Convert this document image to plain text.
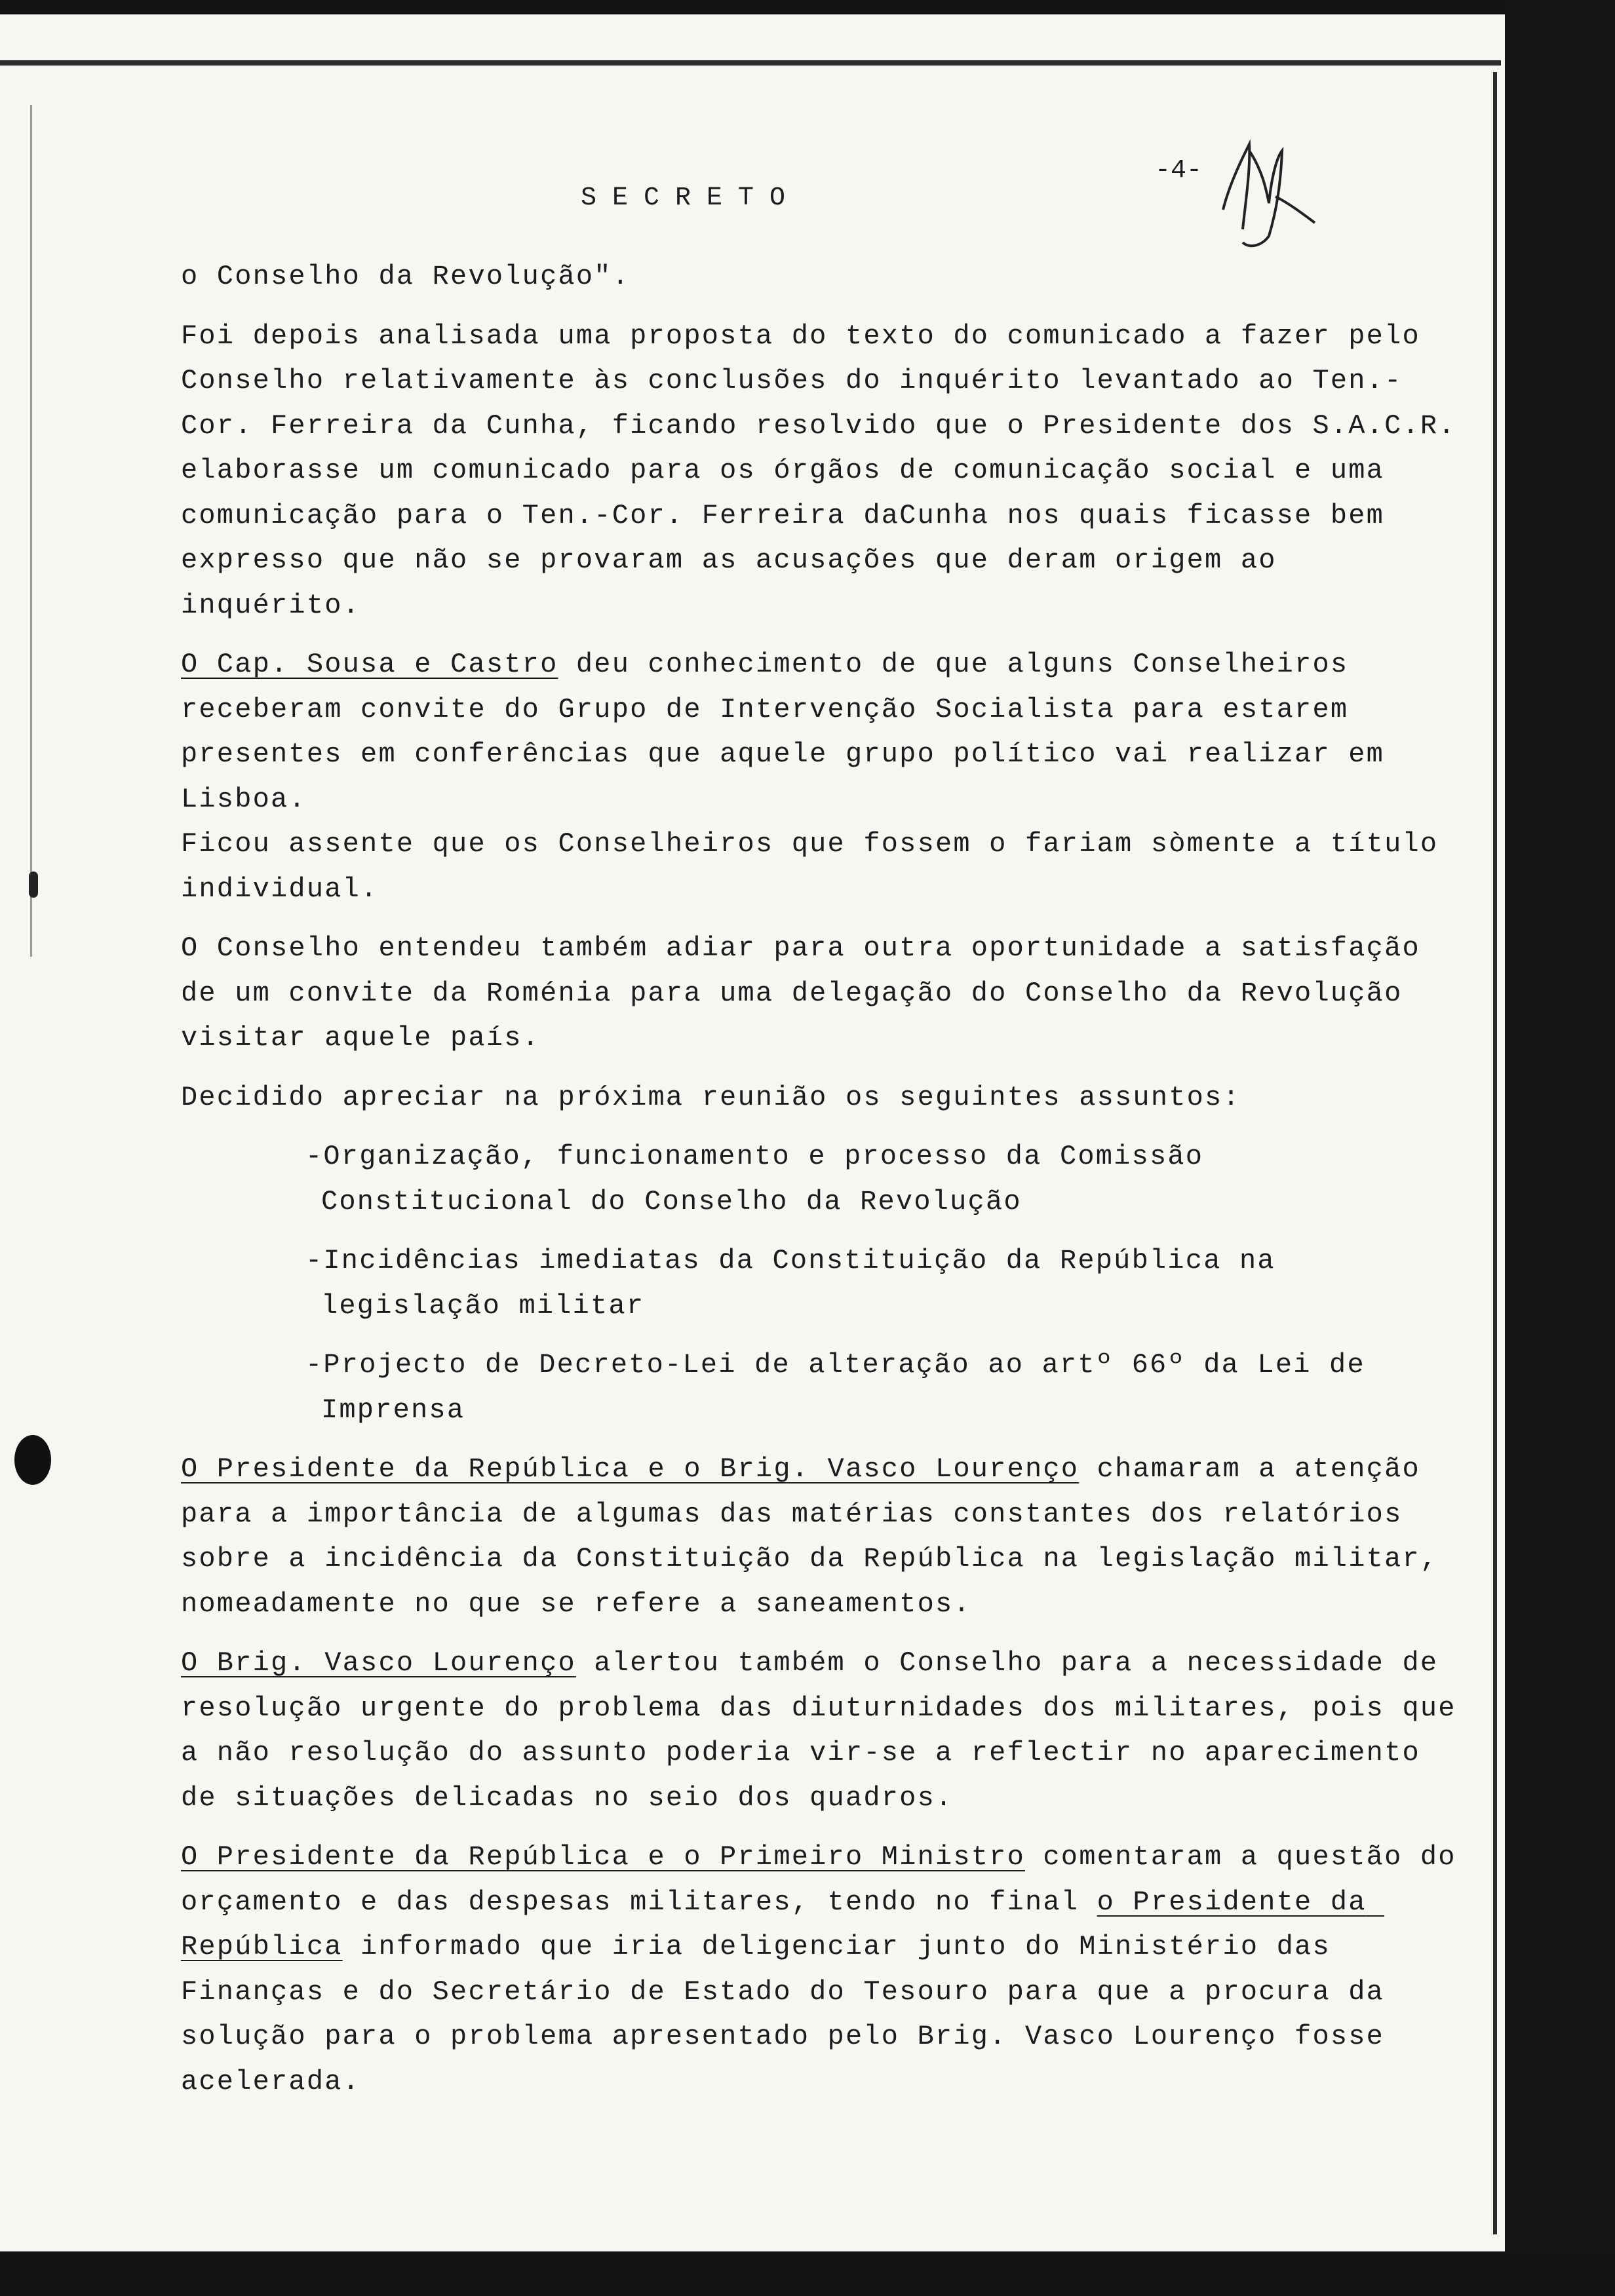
SECRETO
-4-

o Conselho da Revolução".

Foi depois analisada uma proposta do texto do comunicado a fazer pelo Conselho relativamente às conclusões do inquérito levantado ao Ten.-Cor. Ferreira da Cunha, ficando resolvido que o Presidente dos S.A.C.R. elaborasse um comunicado para os órgãos de comunicação social e uma comunicação para o Ten.-Cor. Ferreira daCunha nos quais ficasse bem expresso que não se provaram as acusações que deram origem ao inquérito.

O Cap. Sousa e Castro deu conhecimento de que alguns Conselheiros receberam convite do Grupo de Intervenção Socialista para estarem presentes em conferências que aquele grupo político vai realizar em Lisboa.

Ficou assente que os Conselheiros que fossem o fariam sòmente a título individual.

O Conselho entendeu também adiar para outra oportunidade a satisfação de um convite da Roménia para uma delegação do Conselho da Revolução visitar aquele país.

Decidido apreciar na próxima reunião os seguintes assuntos:

-Organização, funcionamento e processo da Comissão Constitucional do Conselho da Revolução
-Incidências imediatas da Constituição da República na legislação militar
-Projecto de Decreto-Lei de alteração ao artº 66º da Lei de Imprensa

O Presidente da República e o Brig. Vasco Lourenço chamaram a atenção para a importância de algumas das matérias constantes dos relatórios sobre a incidência da Constituição da República na legislação militar, nomeadamente no que se refere a saneamentos.

O Brig. Vasco Lourenço alertou também o Conselho para a necessidade de resolução urgente do problema das diuturnidades dos militares, pois que a não resolução do assunto poderia vir-se a reflectir no aparecimento de situações delicadas no seio dos quadros.

O Presidente da República e o Primeiro Ministro comentaram a questão do orçamento e das despesas militares, tendo no final o Presidente da República informado que iria deligenciar junto do Ministério das Finanças e do Secretário de Estado do Tesouro para que a procura da solução para o problema apresentado pelo Brig. Vasco Lourenço fosse acelerada.
